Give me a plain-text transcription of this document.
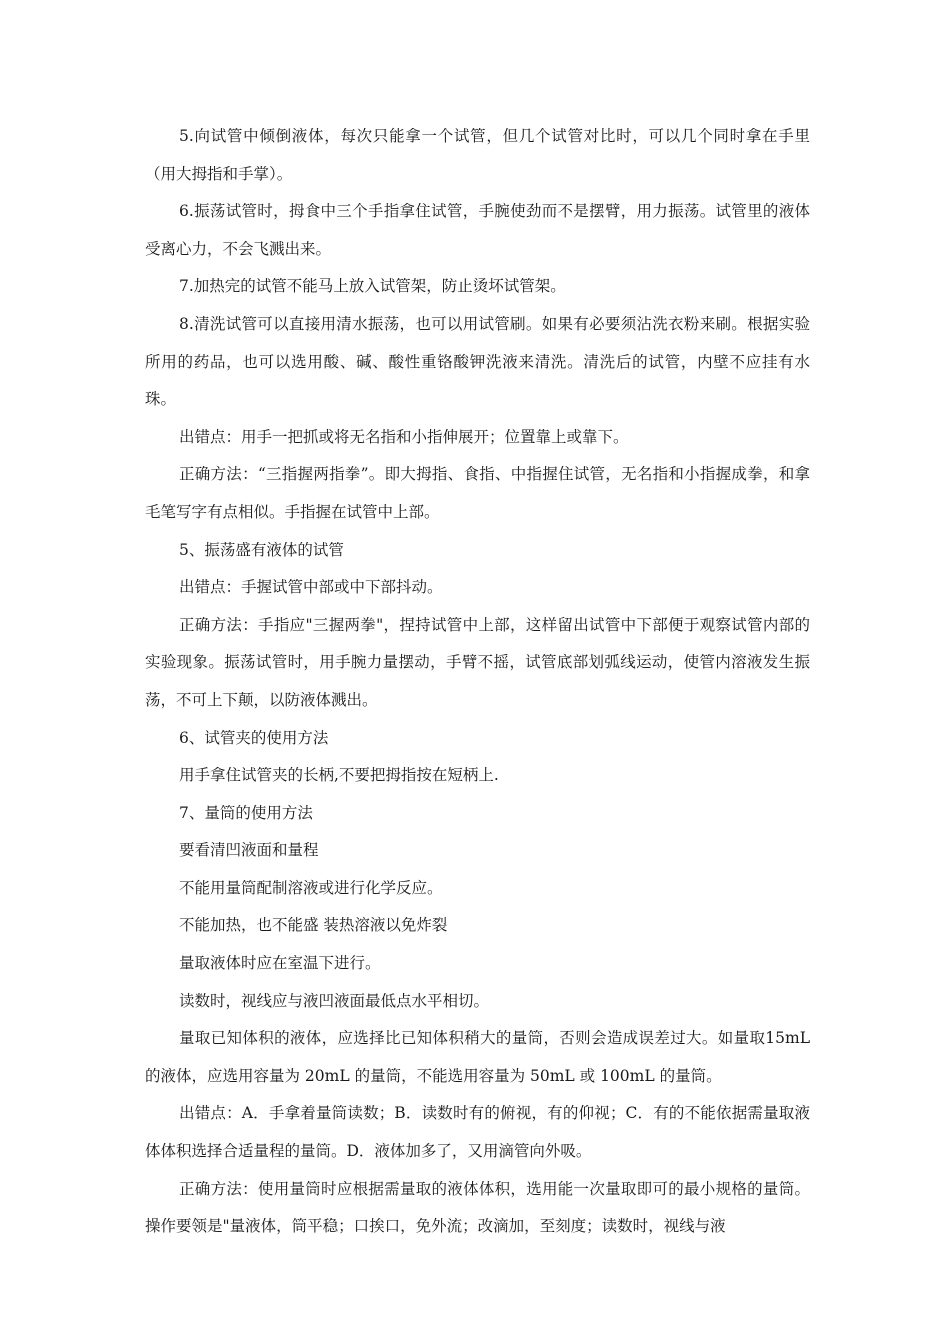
5.向试管中倾倒液体，每次只能拿一个试管，但几个试管对比时，可以几个同时拿在手里（用大拇指和手掌）。

6.振荡试管时，拇食中三个手指拿住试管，手腕使劲而不是摆臂，用力振荡。试管里的液体受离心力，不会飞溅出来。

7.加热完的试管不能马上放入试管架，防止烫坏试管架。

8.清洗试管可以直接用清水振荡，也可以用试管刷。如果有必要须沾洗衣粉来刷。根据实验所用的药品，也可以选用酸、碱、酸性重铬酸钾洗液来清洗。清洗后的试管，内壁不应挂有水珠。

出错点：用手一把抓或将无名指和小指伸展开；位置靠上或靠下。

正确方法：“三指握两指拳”。即大拇指、食指、中指握住试管，无名指和小指握成拳，和拿毛笔写字有点相似。手指握在试管中上部。

5、振荡盛有液体的试管

出错点：手握试管中部或中下部抖动。

正确方法：手指应"三握两拳"，捏持试管中上部，这样留出试管中下部便于观察试管内部的实验现象。振荡试管时，用手腕力量摆动，手臂不摇，试管底部划弧线运动，使管内溶液发生振荡，不可上下颠，以防液体溅出。

6、试管夹的使用方法

用手拿住试管夹的长柄,不要把拇指按在短柄上.

7、量筒的使用方法

要看清凹液面和量程

不能用量筒配制溶液或进行化学反应。

不能加热，也不能盛 装热溶液以免炸裂

量取液体时应在室温下进行。

读数时，视线应与液凹液面最低点水平相切。

量取已知体积的液体，应选择比已知体积稍大的量筒，否则会造成误差过大。如量取15mL 的液体，应选用容量为 20mL 的量筒，不能选用容量为 50mL 或 100mL 的量筒。

出错点：A．手拿着量筒读数；B．读数时有的俯视，有的仰视；C．有的不能依据需量取液体体积选择合适量程的量筒。D．液体加多了，又用滴管向外吸。

正确方法：使用量筒时应根据需量取的液体体积，选用能一次量取即可的最小规格的量筒。操作要领是"量液体，筒平稳；口挨口，免外流；改滴加，至刻度；读数时，视线与液
